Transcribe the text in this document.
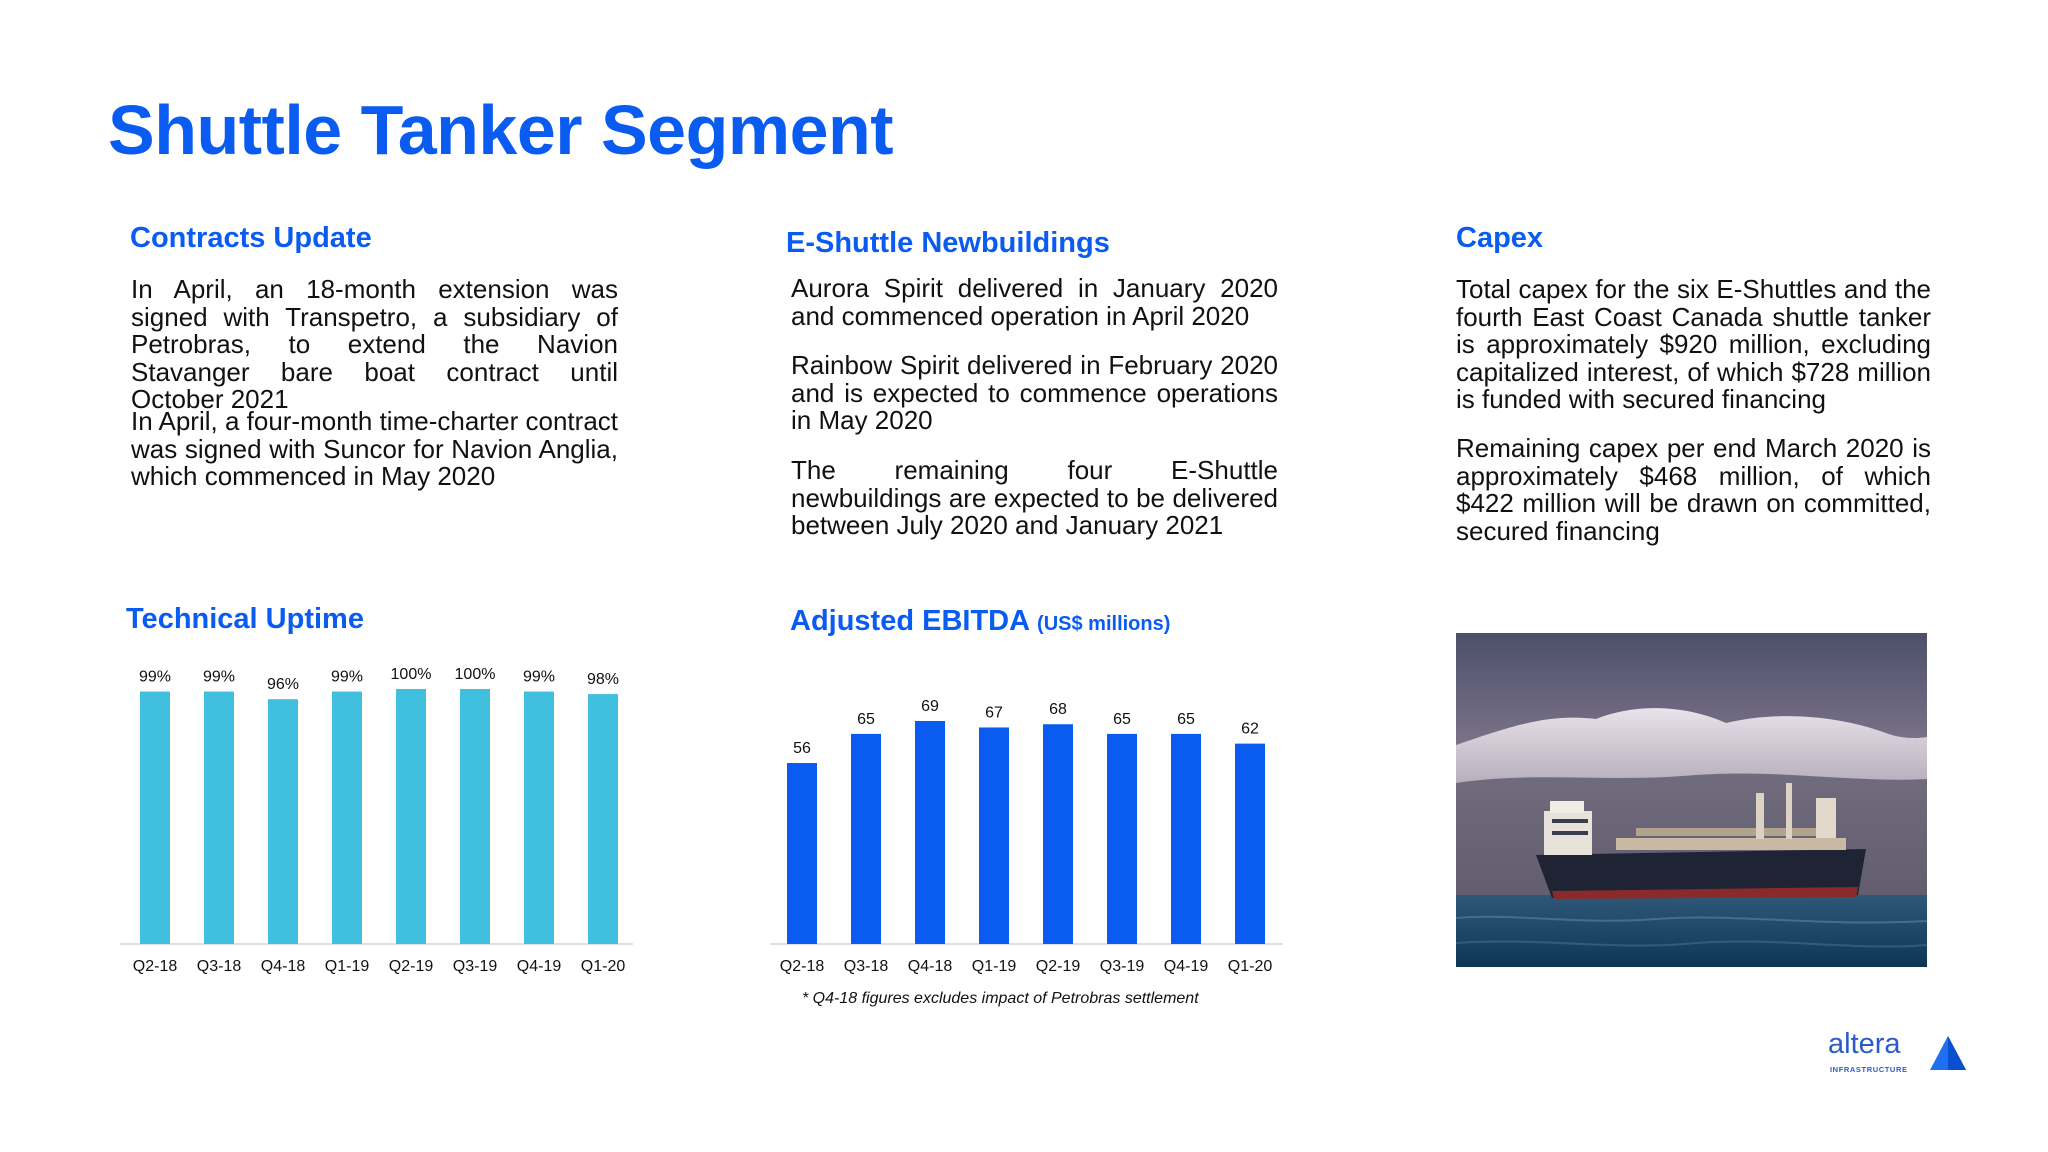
Shuttle Tanker Segment
Contracts Update
In April, an 18-month extension was signed with Transpetro, a subsidiary of Petrobras, to extend the Navion Stavanger bare boat contract until October 2021
In April, a four-month time-charter contract was signed with Suncor for Navion Anglia, which commenced in May 2020
E-Shuttle Newbuildings
Aurora Spirit delivered in January 2020 and commenced operation in April 2020
Rainbow Spirit delivered in February 2020 and is expected to commence operations in May 2020
The remaining four E-Shuttle newbuildings are expected to be delivered between July 2020 and January 2021
Capex
Total capex for the six E-Shuttles and the fourth East Coast Canada shuttle tanker is approximately $920 million, excluding capitalized interest, of which $728 million is funded with secured financing
Remaining capex per end March 2020 is approximately $468 million, of which $422 million will be drawn on committed, secured financing
Technical Uptime	Adjusted EBITDA (US$ millions)
99%
Q2-18
99%
Q3-18
96%
Q4-18
99%
Q1-19
100%
Q2-19
100%
Q3-19
99%
Q4-19
98%
Q1-20
56
Q2-18
65
Q3-18
69
Q4-18
67
Q1-19
68
Q2-19
65
Q3-19
65
Q4-19
62
Q1-20
* Q4-18 figures excludes impact of Petrobras settlement
altera
INFRASTRUCTURE
